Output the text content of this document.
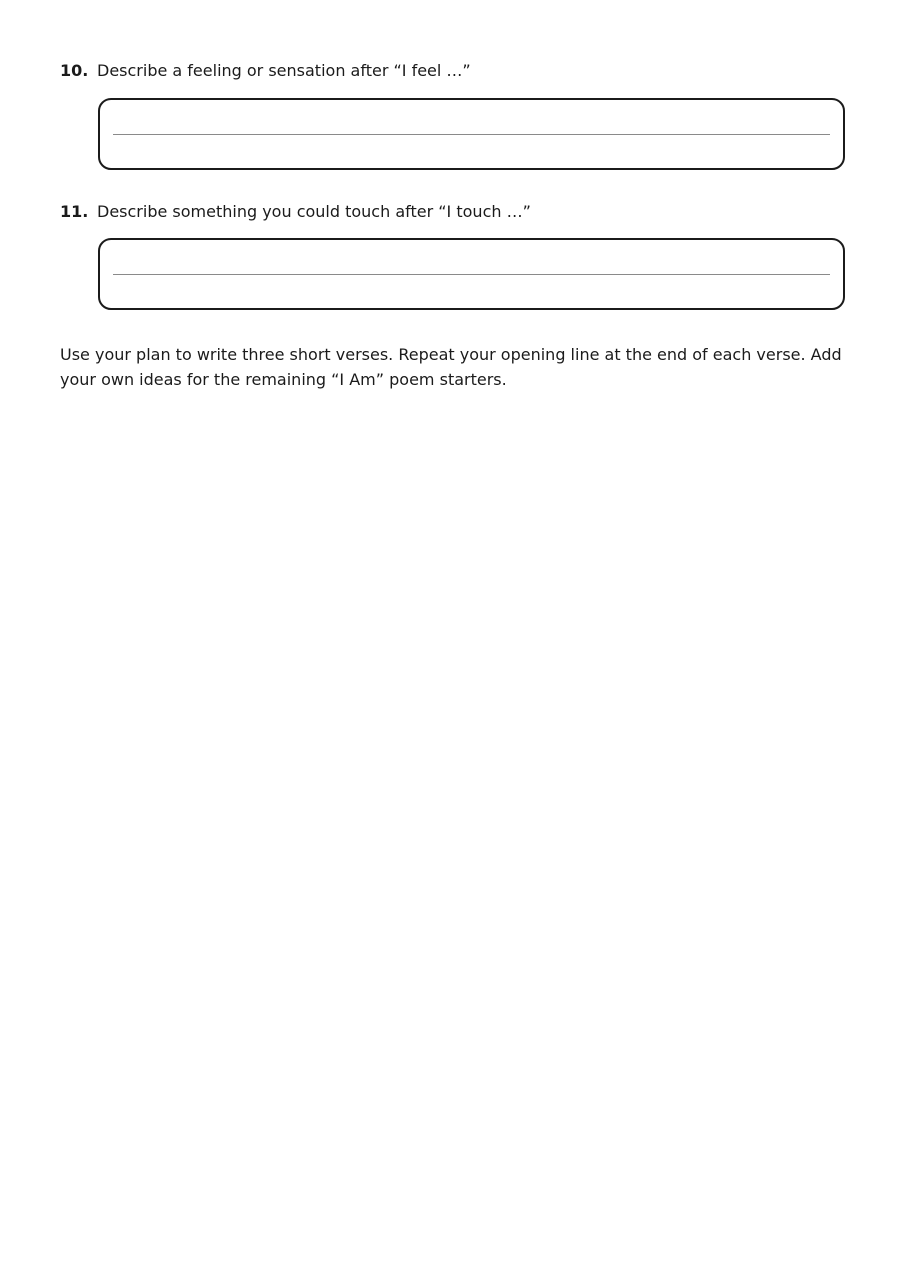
10. Describe a feeling or sensation after “I feel …”
11. Describe something you could touch after “I touch …”

Use your plan to write three short verses. Repeat your opening line at the end of each verse. Add your own ideas for the remaining “I Am” poem starters.
